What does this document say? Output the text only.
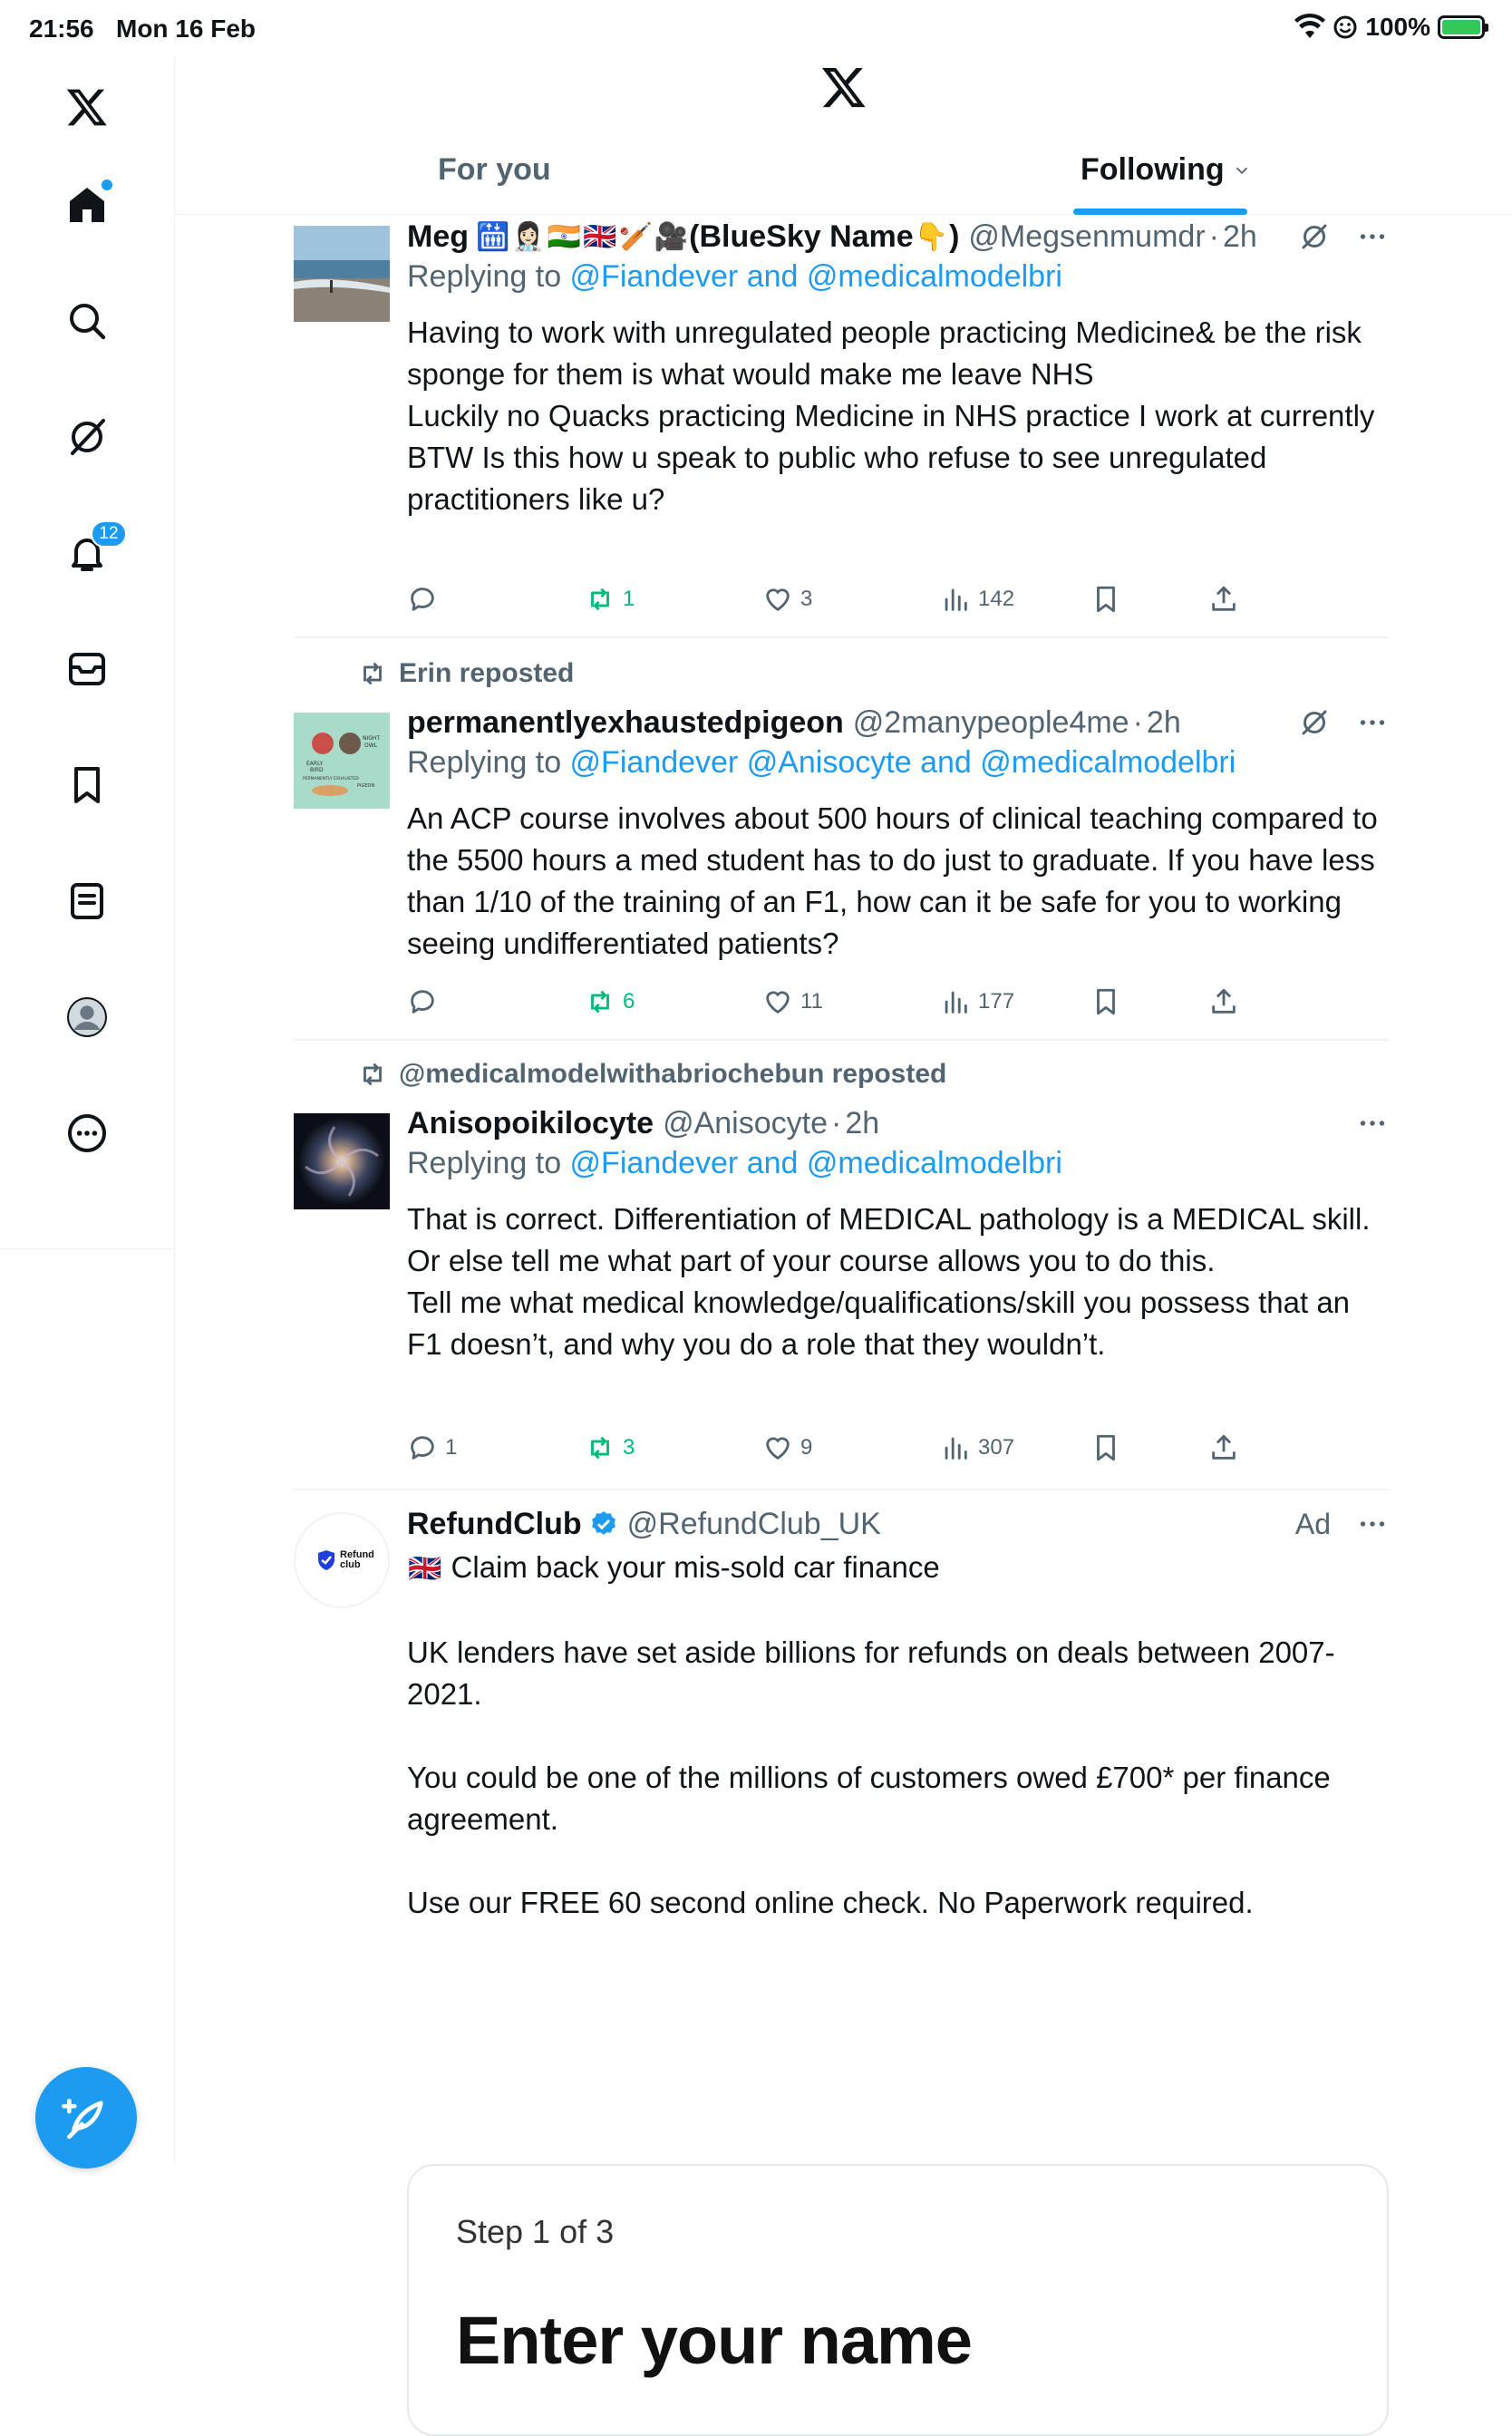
21:56 Mon 16 Feb	100%
12
For you	Following
Meg 🛗 👩🏻‍⚕️ 🇮🇳 🇬🇧 🏏 🎥 (BlueSky Name 👇 ) @Megsenmumdr · 2h
Replying to @Fiandever and @medicalmodelbri

Having to work with unregulated people practicing Medicine& be the risk sponge for them is what would make me leave NHS

Luckily no Quacks practicing Medicine in NHS practice I work at currently

BTW Is this how u speak to public who refuse to see unregulated practitioners like u?

1	3	142
Erin reposted
EARLY
BIRD
NIGHT
OWL
PERMANENTLY EXHAUSTED
PIGEON
permanentlyexhaustedpigeon @2manypeople4me · 2h
Replying to @Fiandever @Anisocyte and @medicalmodelbri

An ACP course involves about 500 hours of clinical teaching compared to the 5500 hours a med student has to do just to graduate. If you have less than 1/10 of the training of an F1, how can it be safe for you to working seeing undifferentiated patients?

6	11	177
@medicalmodelwithabriochebun reposted
Anisopoikilocyte @Anisocyte · 2h
Replying to @Fiandever and @medicalmodelbri

That is correct. Differentiation of MEDICAL pathology is a MEDICAL skill.

Or else tell me what part of your course allows you to do this.

Tell me what medical knowledge/qualifications/skill you possess that an F1 doesn’t, and why you do a role that they wouldn’t.

1	3	9	307
Refund club
RefundClub @RefundClub_UK	Ad

🇬🇧 Claim back your mis-sold car finance

UK lenders have set aside billions for refunds on deals between 2007-2021.

You could be one of the millions of customers owed £700* per finance agreement.

Use our FREE 60 second online check. No Paperwork required.

Step 1 of 3
Enter your name
